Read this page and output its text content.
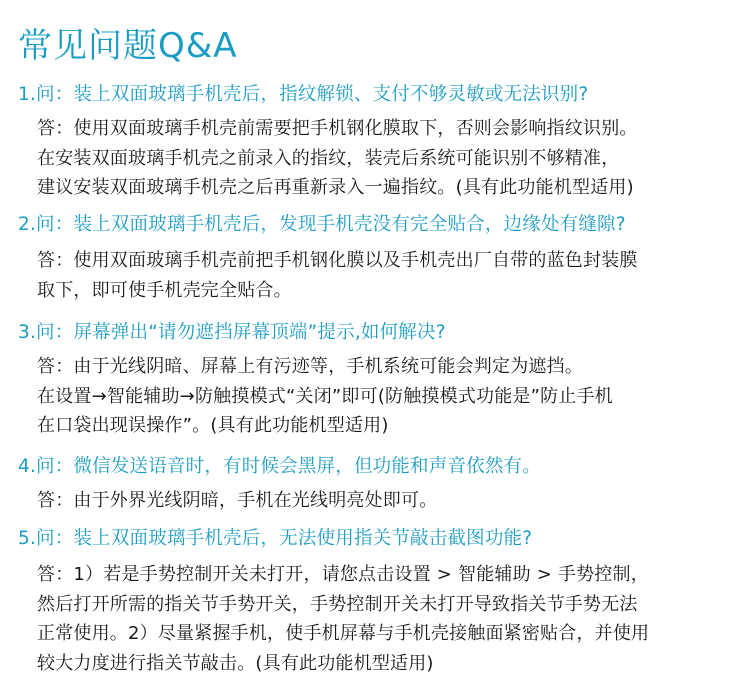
常见问题Q&A
1.问：装上双面玻璃手机壳后，指纹解锁、支付不够灵敏或无法识别?
答：使用双面玻璃手机壳前需要把手机钢化膜取下，否则会影响指纹识别。
在安装双面玻璃手机壳之前录入的指纹，装壳后系统可能识别不够精准，
建议安装双面玻璃手机壳之后再重新录入一遍指纹。(具有此功能机型适用)
2.问：装上双面玻璃手机壳后，发现手机壳没有完全贴合，边缘处有缝隙?
答：使用双面玻璃手机壳前把手机钢化膜以及手机壳出厂自带的蓝色封装膜
取下，即可使手机壳完全贴合。
3.问：屏幕弹出“请勿遮挡屏幕顶端”提示,如何解决?
答：由于光线阴暗、屏幕上有污迹等，手机系统可能会判定为遮挡。
在设置→智能辅助→防触摸模式“关闭”即可(防触摸模式功能是”防止手机
在口袋出现误操作”。(具有此功能机型适用)
4.问：微信发送语音时，有时候会黑屏，但功能和声音依然有。
答：由于外界光线阴暗，手机在光线明亮处即可。
5.问：装上双面玻璃手机壳后，无法使用指关节敲击截图功能?
答：1）若是手势控制开关未打开，请您点击设置 > 智能辅助 > 手势控制，
然后打开所需的指关节手势开关，手势控制开关未打开导致指关节手势无法
正常使用。2）尽量紧握手机，使手机屏幕与手机壳接触面紧密贴合，并使用
较大力度进行指关节敲击。(具有此功能机型适用)
